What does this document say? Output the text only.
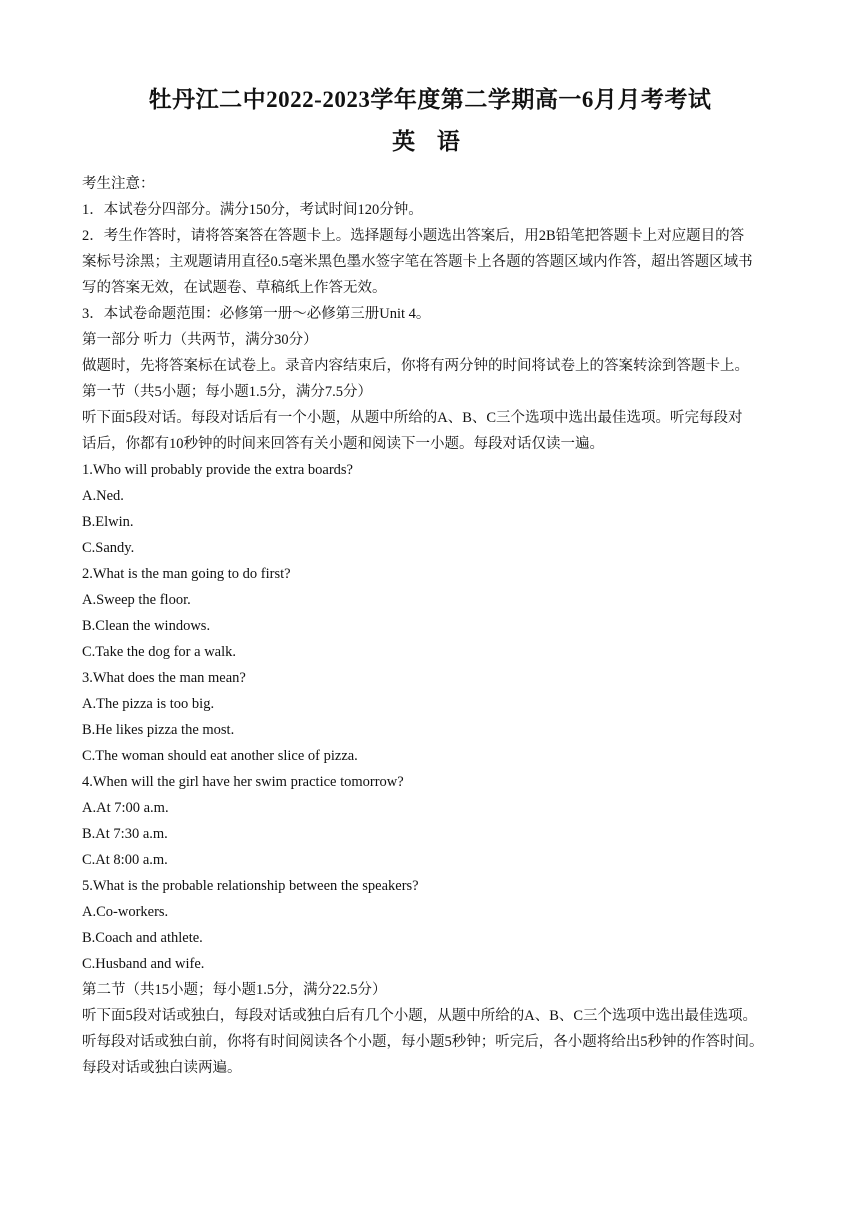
牡丹江二中2022-2023学年度第二学期高一6月月考考试
英 语
考生注意：
1．本试卷分四部分。满分150分，考试时间120分钟。
2．考生作答时，请将答案答在答题卡上。选择题每小题选出答案后，用2B铅笔把答题卡上对应题目的答
案标号涂黑；主观题请用直径0.5毫米黑色墨水签字笔在答题卡上各题的答题区域内作答，超出答题区域书
写的答案无效，在试题卷、草稿纸上作答无效。
3．本试卷命题范围：必修第一册～必修第三册Unit 4。
第一部分 听力（共两节，满分30分）
做题时，先将答案标在试卷上。录音内容结束后，你将有两分钟的时间将试卷上的答案转涂到答题卡上。
第一节（共5小题；每小题1.5分，满分7.5分）
听下面5段对话。每段对话后有一个小题，从题中所给的A、B、C三个选项中选出最佳选项。听完每段对
话后，你都有10秒钟的时间来回答有关小题和阅读下一小题。每段对话仅读一遍。
1.Who will probably provide the extra boards?
A.Ned.
B.Elwin.
C.Sandy.
2.What is the man going to do first?
A.Sweep the floor.
B.Clean the windows.
C.Take the dog for a walk.
3.What does the man mean?
A.The pizza is too big.
B.He likes pizza the most.
C.The woman should eat another slice of pizza.
4.When will the girl have her swim practice tomorrow?
A.At 7:00 a.m.
B.At 7:30 a.m.
C.At 8:00 a.m.
5.What is the probable relationship between the speakers?
A.Co-workers.
B.Coach and athlete.
C.Husband and wife.
第二节（共15小题；每小题1.5分，满分22.5分）
听下面5段对话或独白，每段对话或独白后有几个小题，从题中所给的A、B、C三个选项中选出最佳选项。
听每段对话或独白前，你将有时间阅读各个小题，每小题5秒钟；听完后，各小题将给出5秒钟的作答时间。
每段对话或独白读两遍。
